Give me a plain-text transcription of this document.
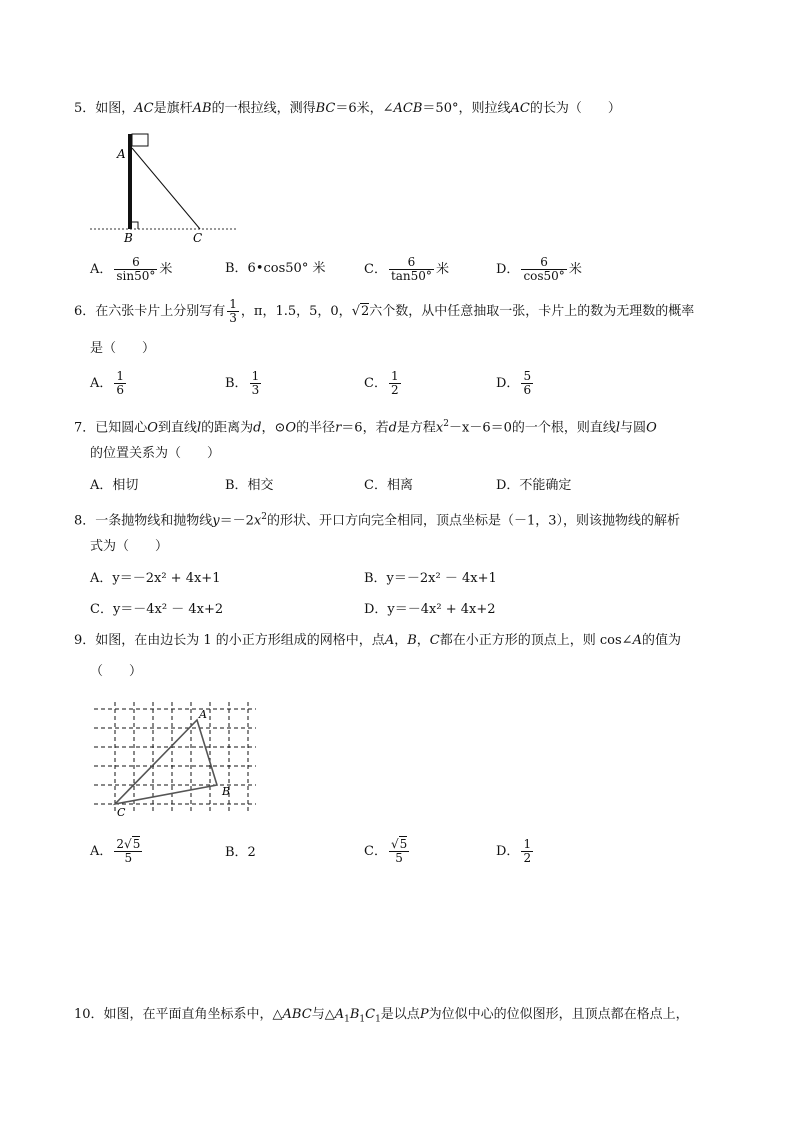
5．如图，AC是旗杆AB的一根拉线，测得BC＝6米，∠ACB＝50°，则拉线AC的长为（　　）
A
B	C
A． $\frac{6}{\sin 50^\circ}$ 米	B．6•cos50° 米	C． $\frac{6}{\tan 50^\circ}$ 米	D． $\frac{6}{\cos 50^\circ}$ 米
6．在六张卡片上分别写有 $\frac{1}{3}$ ，π，1.5，5，0，√2六个数，从中任意抽取一张，卡片上的数为无理数的概率
是（　　）
A． $\frac{1}{6}$	B． $\frac{1}{3}$	C． $\frac{1}{2}$	D． $\frac{5}{6}$
7．已知圆心O到直线l的距离为d，⊙O的半径r＝6，若d是方程$x^2-x-6=0$的一个根，则直线l与圆O
的位置关系为（　　）
A．相切	B．相交	C．相离	D．不能确定
8．一条抛物线和抛物线$y=-2x^2$的形状、开口方向完全相同，顶点坐标是（－1，3），则该抛物线的解析
式为（　　）
A．y＝－2x² + 4x+1	B．y＝－2x² － 4x+1
C．y＝－4x² － 4x+2	D．y＝－4x² + 4x+2
9．如图，在由边长为 1 的小正方形组成的网格中，点A，B，C都在小正方形的顶点上，则 cos∠A的值为
（　　）
A
B
C
A． $\frac{2√5}{5}$	B．2	C． $\frac{√5}{5}$	D． $\frac{1}{2}$
10．如图，在平面直角坐标系中，△ABC与$\triangle A_1B_1C_1$是以点P为位似中心的位似图形，且顶点都在格点上，
